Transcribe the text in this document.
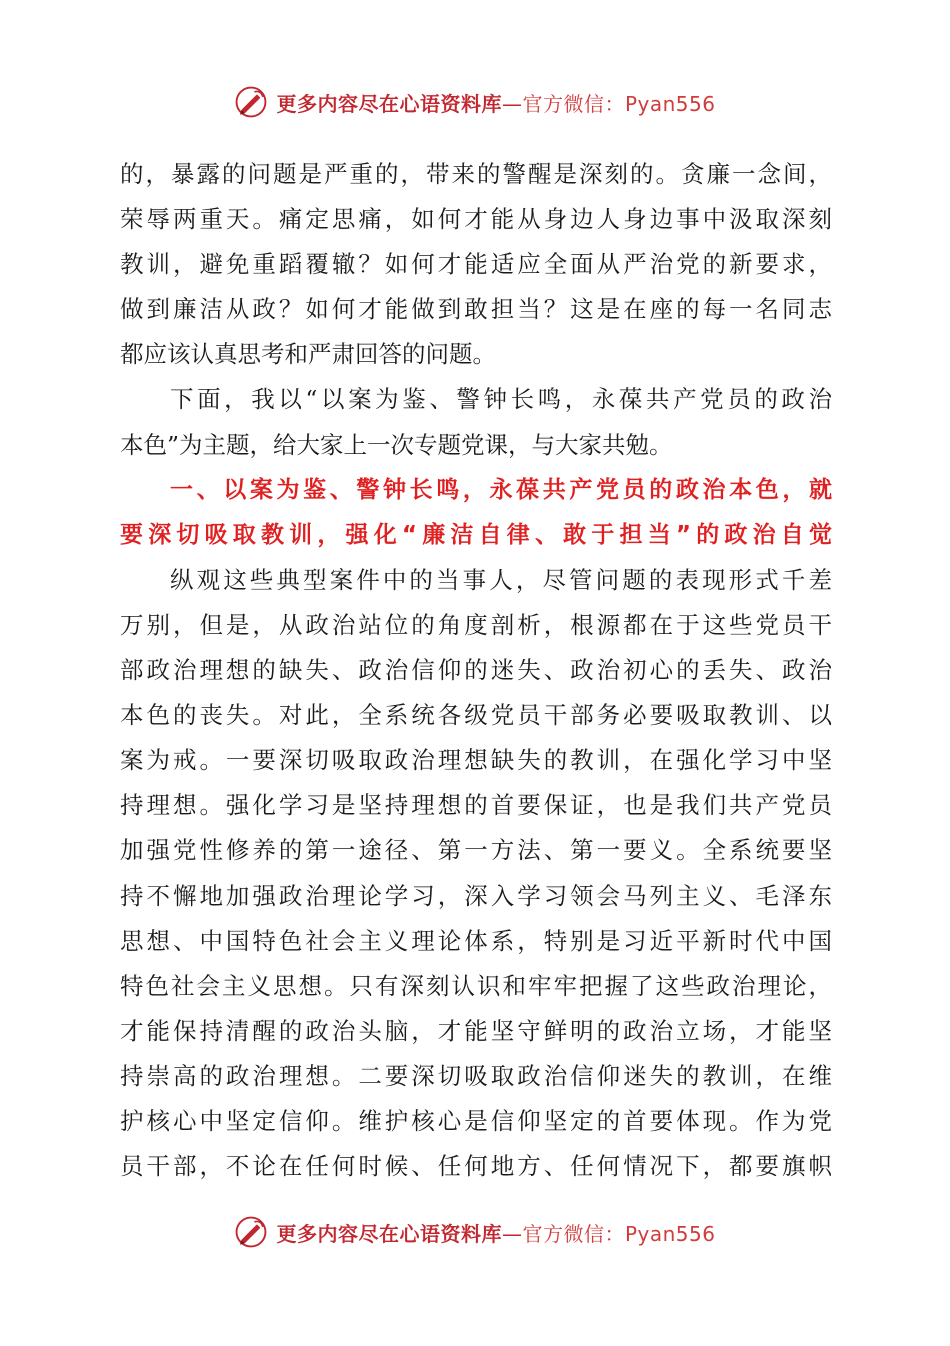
更多内容尽在心语资料库—官方微信：Pyan556
的，暴露的问题是严重的，带来的警醒是深刻的。贪廉一念间，
荣辱两重天。痛定思痛，如何才能从身边人身边事中汲取深刻
教训，避免重蹈覆辙？如何才能适应全面从严治党的新要求，
做到廉洁从政？如何才能做到敢担当？这是在座的每一名同志
都应该认真思考和严肃回答的问题。
下面，我以“以案为鉴、警钟长鸣，永葆共产党员的政治
本色”为主题，给大家上一次专题党课，与大家共勉。
一、以案为鉴、警钟长鸣，永葆共产党员的政治本色，就
要深切吸取教训，强化“廉洁自律、敢于担当”的政治自觉
纵观这些典型案件中的当事人，尽管问题的表现形式千差
万别，但是，从政治站位的角度剖析，根源都在于这些党员干
部政治理想的缺失、政治信仰的迷失、政治初心的丢失、政治
本色的丧失。对此，全系统各级党员干部务必要吸取教训、以
案为戒。一要深切吸取政治理想缺失的教训，在强化学习中坚
持理想。强化学习是坚持理想的首要保证，也是我们共产党员
加强党性修养的第一途径、第一方法、第一要义。全系统要坚
持不懈地加强政治理论学习，深入学习领会马列主义、毛泽东
思想、中国特色社会主义理论体系，特别是习近平新时代中国
特色社会主义思想。只有深刻认识和牢牢把握了这些政治理论，
才能保持清醒的政治头脑，才能坚守鲜明的政治立场，才能坚
持崇高的政治理想。二要深切吸取政治信仰迷失的教训，在维
护核心中坚定信仰。维护核心是信仰坚定的首要体现。作为党
员干部，不论在任何时候、任何地方、任何情况下，都要旗帜
更多内容尽在心语资料库—官方微信：Pyan556
